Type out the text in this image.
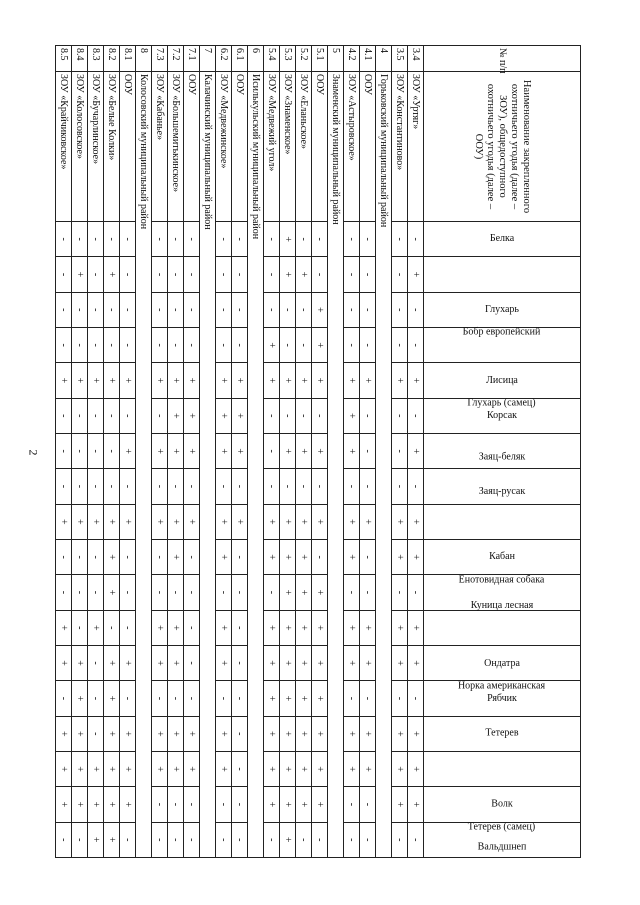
2
№ п/п	Наименование закрепленного охотничьего угодья (далее – ЗОУ), общедоступного охотничьего угодья (далее – ООУ)	Белка	Бобр европейский	Глухарь	Глухарь (самец)	Лисица	Корсак	Заяц-беляк	Заяц-русак	Енотовидная собака	Кабан	Куница лесная	Норка американская	Ондатра	Рябчик	Тетерев	Тетерев (самец)	Волк	Вальдшнеп
3.4	ЗОУ «Уртяг»	-	+	-	-	+	-	+	-	+	+	-	+	+	-	+	+	+	-
3.5	ЗОУ «Константиново»	-	-	-	-	+	-	-	-	+	+	-	+	+	-	+	+	+	-
4	Горьковский муниципальный район																		
4.1	ООУ	-	-	-	-	+	-	-	-	+	-	-	+	+	-	+	+	-	-
4.2	ЗОУ «Астыровское»	-	-	-	-	+	+	+	-	+	+	-	+	+	-	+	+	-	-
5	Знаменский муниципальный район																		
5.1	ООУ	-	-	+	+	+	-	+	-	+	-	+	+	+	+	+	+	+	-
5.2	ЗОУ «Еланьское»	-	+	-	-	+	-	+	-	+	+	+	+	+	+	+	+	+	-
5.3	ЗОУ «Знаменское»	+	+	-	-	+	-	+	-	+	+	+	+	+	+	+	+	+	+
5.4	ЗОУ «Медвежий угол»	-	-	-	+	+	-	-	-	+	+	-	+	+	+	+	+	+	-
6	Исилькульский муниципальный район																		
6.1	ООУ	-	-	-	-	+	+	+	-	+	-	-	-	-	-	-	-	-	-
6.2	ЗОУ «Медвежинское»	-	-	-	-	+	+	+	-	+	+	-	+	+	-	+	+	-	-
7	Калачинский муниципальный район																		
7.1	ООУ	-	-	-	-	+	+	+	-	+	-	-	-	-	-	+	+	-	-
7.2	ЗОУ «Большемитькинское»	-	-	-	-	+	+	+	-	+	+	-	+	+	-	+	+	-	-
7.3	ЗОУ «Кабанье»	-	-	-	-	+	-	+	-	+	-	-	+	+	-	+	+	-	-
8	Колосовский муниципальный район																		
8.1	ООУ	-	-	-	-	+	-	+	-	+	-	-	-	+	-	+	+	+	-
8.2	ЗОУ «Белые Колки»	-	+	-	-	+	-	-	-	+	+	+	-	+	+	+	+	+	+
8.3	ЗОУ «Бучарлинское»	-	-	-	-	+	-	-	-	+	-	-	+	-	-	-	+	+	+
8.4	ЗОУ «Колосовское»	-	+	-	-	+	-	-	-	+	-	-	-	+	+	+	+	+	-
8.5	ЗОУ «Крайчиковское»	-	-	-	-	+	-	-	-	+	-	-	+	+	-	+	+	+	-
